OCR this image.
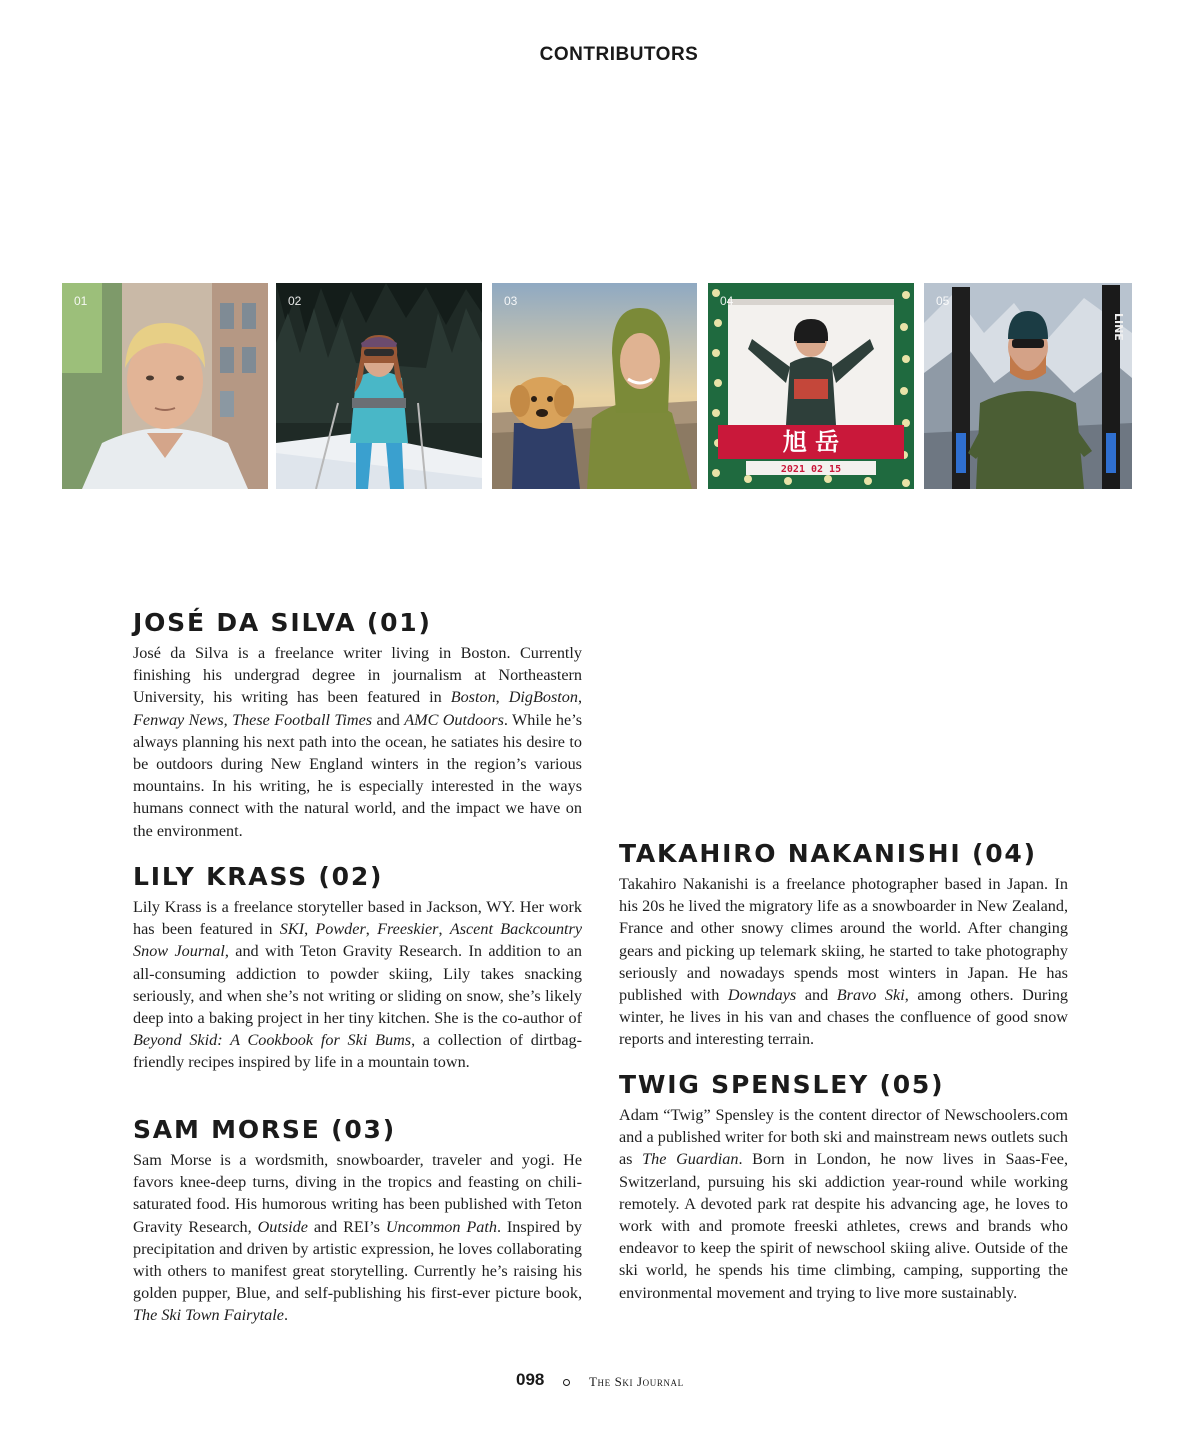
CONTRIBUTORS
01	02	03
旭 岳
2021 02 15
04
LINE
05
JOSÉ DA SILVA (01)

José da Silva is a freelance writer living in Boston. Currently finishing his undergrad degree in journalism at Northeastern University, his writing has been featured in Boston, DigBoston, Fenway News, These Football Times and AMC Outdoors. While he’s always planning his next path into the ocean, he satiates his desire to be outdoors during New England winters in the region’s various mountains. In his writing, he is especially interested in the ways humans connect with the natural world, and the impact we have on the environment.

LILY KRASS (02)

Lily Krass is a freelance storyteller based in Jackson, WY. Her work has been featured in SKI, Powder, Freeskier, Ascent Backcountry Snow Journal, and with Teton Gravity Research. In addition to an all-consuming addiction to powder skiing, Lily takes snacking seriously, and when she’s not writing or sliding on snow, she’s likely deep into a baking project in her tiny kitchen. She is the co-author of Beyond Skid: A Cookbook for Ski Bums, a collection of dirtbag-friendly recipes inspired by life in a mountain town.

SAM MORSE (03)

Sam Morse is a wordsmith, snowboarder, traveler and yogi. He favors knee-deep turns, diving in the tropics and feasting on chili-saturated food. His humorous writing has been published with Teton Gravity Research, Outside and REI’s Uncommon Path. Inspired by precipitation and driven by artistic expression, he loves collaborating with others to manifest great storytelling. Currently he’s raising his golden pupper, Blue, and self-publishing his first-ever picture book, The Ski Town Fairytale.

TAKAHIRO NAKANISHI (04)

Takahiro Nakanishi is a freelance photographer based in Japan. In his 20s he lived the migratory life as a snowboarder in New Zealand, France and other snowy climes around the world. After changing gears and picking up telemark skiing, he started to take photography seriously and nowadays spends most winters in Japan. He has published with Downdays and Bravo Ski, among others. During winter, he lives in his van and chases the confluence of good snow reports and interesting terrain.

TWIG SPENSLEY (05)

Adam “Twig” Spensley is the content director of Newschoolers.com and a published writer for both ski and mainstream news outlets such as The Guardian. Born in London, he now lives in Saas-Fee, Switzerland, pursuing his ski addiction year-round while working remotely. A devoted park rat despite his advancing age, he loves to work with and promote freeski athletes, crews and brands who endeavor to keep the spirit of newschool skiing alive. Outside of the ski world, he spends his time climbing, camping, supporting the environmental movement and trying to live more sustainably.

098	The Ski Journal
